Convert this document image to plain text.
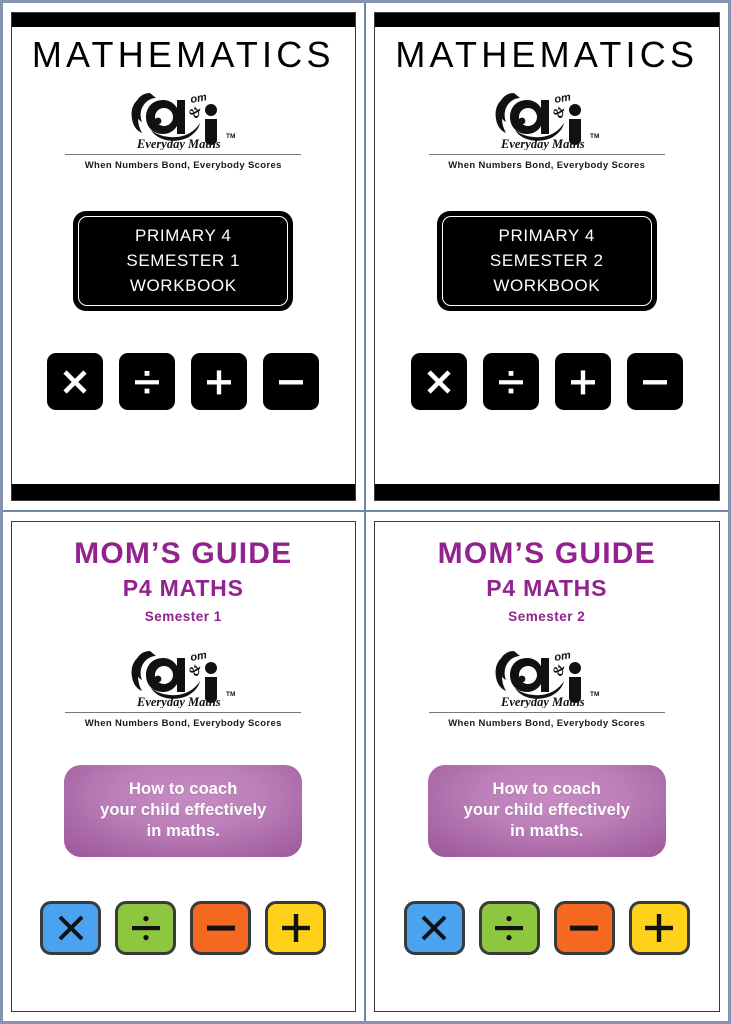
MATHEMATICS
om
&
Everyday Maths
TM
When Numbers Bond, Everybody Scores
PRIMARY 4
SEMESTER 1
WORKBOOK
MATHEMATICS
om
&
Everyday Maths
TM
When Numbers Bond, Everybody Scores
PRIMARY 4
SEMESTER 2
WORKBOOK
MOM’S GUIDE
P4 MATHS
Semester 1
om
&
Everyday Maths
TM
When Numbers Bond, Everybody Scores
How to coach
your child effectively
in maths.
MOM’S GUIDE
P4 MATHS
Semester 2
om
&
Everyday Maths
TM
When Numbers Bond, Everybody Scores
How to coach
your child effectively
in maths.
